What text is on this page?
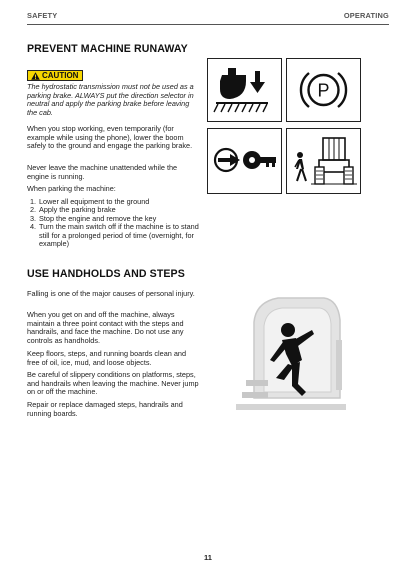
SAFETY	OPERATING
PREVENT MACHINE RUNAWAY
CAUTION
The hydrostatic transmission must not be used as a parking brake. ALWAYS put the direction selector in neutral and apply the parking brake before leaving the cab.
When you stop working, even temporarily (for example while using the phone), lower the boom safely to the ground and engage the parking brake.
Never leave the machine unattended while the engine is running.
When parking the machine:
1. Lower all equipment to the ground
2. Apply the parking brake
3. Stop the engine and remove the key
4. Turn the main switch off if the machine is to stand still for a prolonged period of time (overnight, for example)
P
USE HANDHOLDS AND STEPS
Falling is one of the major causes of personal injury.
When you get on and off the machine, always maintain a three point contact with the steps and handrails, and face the machine. Do not use any controls as handholds.
Keep floors, steps, and running boards clean and free of oil, ice, mud, and loose objects.
Be careful of slippery conditions on platforms, steps, and handrails when leaving the machine. Never jump on or off the machine.
Repair or replace damaged steps, handrails and running boards.
11
